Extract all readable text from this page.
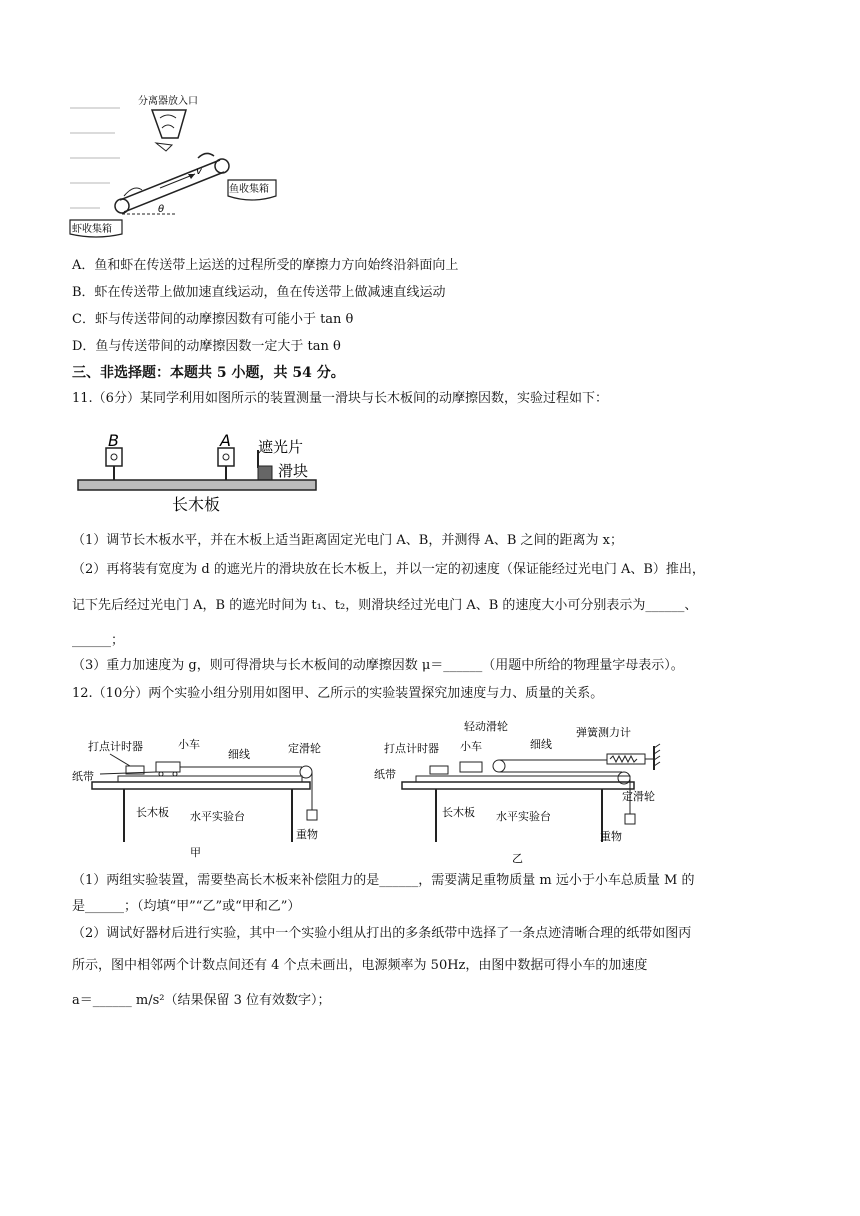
分离器放入口
v
θ
鱼收集箱
虾收集箱
A．鱼和虾在传送带上运送的过程所受的摩擦力方向始终沿斜面向上
B．虾在传送带上做加速直线运动，鱼在传送带上做减速直线运动
C．虾与传送带间的动摩擦因数有可能小于 tan θ
D．鱼与传送带间的动摩擦因数一定大于 tan θ
三、非选择题：本题共 5 小题，共 54 分。
11.（6分）某同学利用如图所示的装置测量一滑块与长木板间的动摩擦因数，实验过程如下：
B	A 遮光片
滑块
长木板
（1）调节长木板水平，并在木板上适当距离固定光电门 A、B，并测得 A、B 之间的距离为 x；
（2）再将装有宽度为 d 的遮光片的滑块放在长木板上，并以一定的初速度（保证能经过光电门 A、B）推出，
记下先后经过光电门 A，B 的遮光时间为 t₁、t₂，则滑块经过光电门 A、B 的速度大小可分别表示为______、
______；
（3）重力加速度为 g，则可得滑块与长木板间的动摩擦因数 μ＝______（用题中所给的物理量字母表示）。
12.（10分）两个实验小组分别用如图甲、乙所示的实验装置探究加速度与力、质量的关系。
打点计时器	小车
细线	定滑轮
纸带
长木板 水平实验台
重物
甲
轻动滑轮
打点计时器 小车	细线
弹簧测力计
纸带
定滑轮
长木板 水平实验台
重物
乙
（1）两组实验装置，需要垫高长木板来补偿阻力的是______，需要满足重物质量 m 远小于小车总质量 M 的
是______；（均填“甲”“乙”或“甲和乙”）
（2）调试好器材后进行实验，其中一个实验小组从打出的多条纸带中选择了一条点迹清晰合理的纸带如图丙
所示，图中相邻两个计数点间还有 4 个点未画出，电源频率为 50Hz，由图中数据可得小车的加速度
a＝______ m/s²（结果保留 3 位有效数字）；
